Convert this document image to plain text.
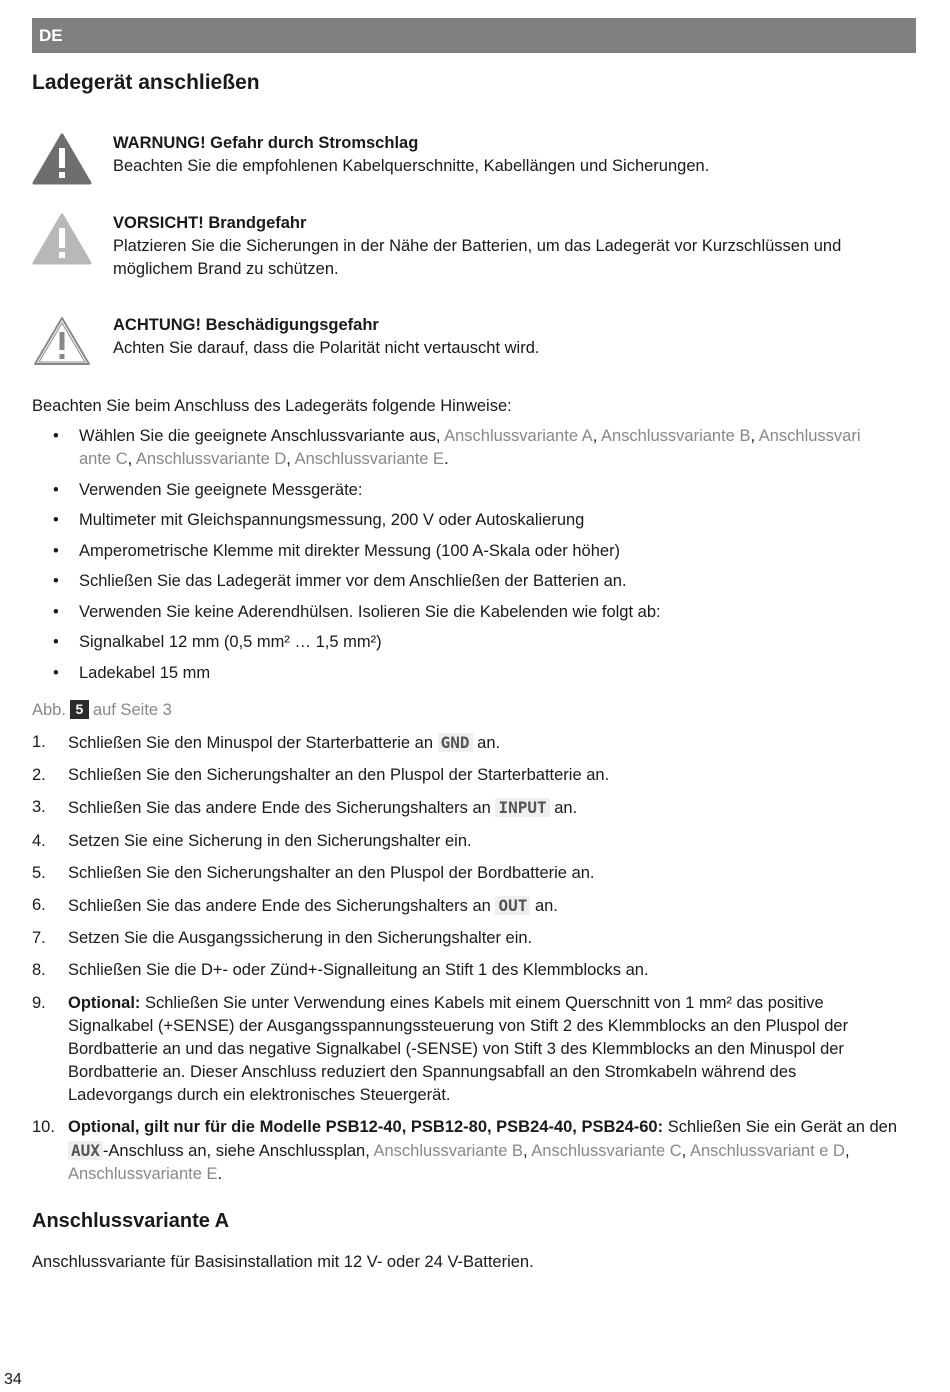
DE
Ladegerät anschließen
WARNUNG! Gefahr durch Stromschlag
Beachten Sie die empfohlenen Kabelquerschnitte, Kabellängen und Sicherungen.
VORSICHT! Brandgefahr
Platzieren Sie die Sicherungen in der Nähe der Batterien, um das Ladegerät vor Kurzschlüssen und möglichem Brand zu schützen.
ACHTUNG! Beschädigungsgefahr
Achten Sie darauf, dass die Polarität nicht vertauscht wird.
Beachten Sie beim Anschluss des Ladegeräts folgende Hinweise:
• Wählen Sie die geeignete Anschlussvariante aus, Anschlussvariante A, Anschlussvariante B, Anschlussvari ante C, Anschlussvariante D, Anschlussvariante E.
• Verwenden Sie geeignete Messgeräte:
• Multimeter mit Gleichspannungsmessung, 200 V oder Autoskalierung
• Amperometrische Klemme mit direkter Messung (100 A-Skala oder höher)
• Schließen Sie das Ladegerät immer vor dem Anschließen der Batterien an.
• Verwenden Sie keine Aderendhülsen. Isolieren Sie die Kabelenden wie folgt ab:
• Signalkabel 12 mm (0,5 mm² … 1,5 mm²)
• Ladekabel 15 mm
Abb. 5 auf Seite 3
1. Schließen Sie den Minuspol der Starterbatterie an GND an.
2. Schließen Sie den Sicherungshalter an den Pluspol der Starterbatterie an.
3. Schließen Sie das andere Ende des Sicherungshalters an INPUT an.
4. Setzen Sie eine Sicherung in den Sicherungshalter ein.
5. Schließen Sie den Sicherungshalter an den Pluspol der Bordbatterie an.
6. Schließen Sie das andere Ende des Sicherungshalters an OUT an.
7. Setzen Sie die Ausgangssicherung in den Sicherungshalter ein.
8. Schließen Sie die D+- oder Zünd+-Signalleitung an Stift 1 des Klemmblocks an.
9. Optional: Schließen Sie unter Verwendung eines Kabels mit einem Querschnitt von 1 mm² das positive Signalkabel (+SENSE) der Ausgangsspannungssteuerung von Stift 2 des Klemmblocks an den Pluspol der Bordbatterie an und das negative Signalkabel (-SENSE) von Stift 3 des Klemmblocks an den Minuspol der Bordbatterie an. Dieser Anschluss reduziert den Spannungsabfall an den Stromkabeln während des Ladevorgangs durch ein elektronisches Steuergerät.
10. Optional, gilt nur für die Modelle PSB12-40, PSB12-80, PSB24-40, PSB24-60: Schließen Sie ein Gerät an den AUX -Anschluss an, siehe Anschlussplan, Anschlussvariante B, Anschlussvariante C, Anschlussvariant e D, Anschlussvariante E.
Anschlussvariante A
Anschlussvariante für Basisinstallation mit 12 V- oder 24 V-Batterien.
34
